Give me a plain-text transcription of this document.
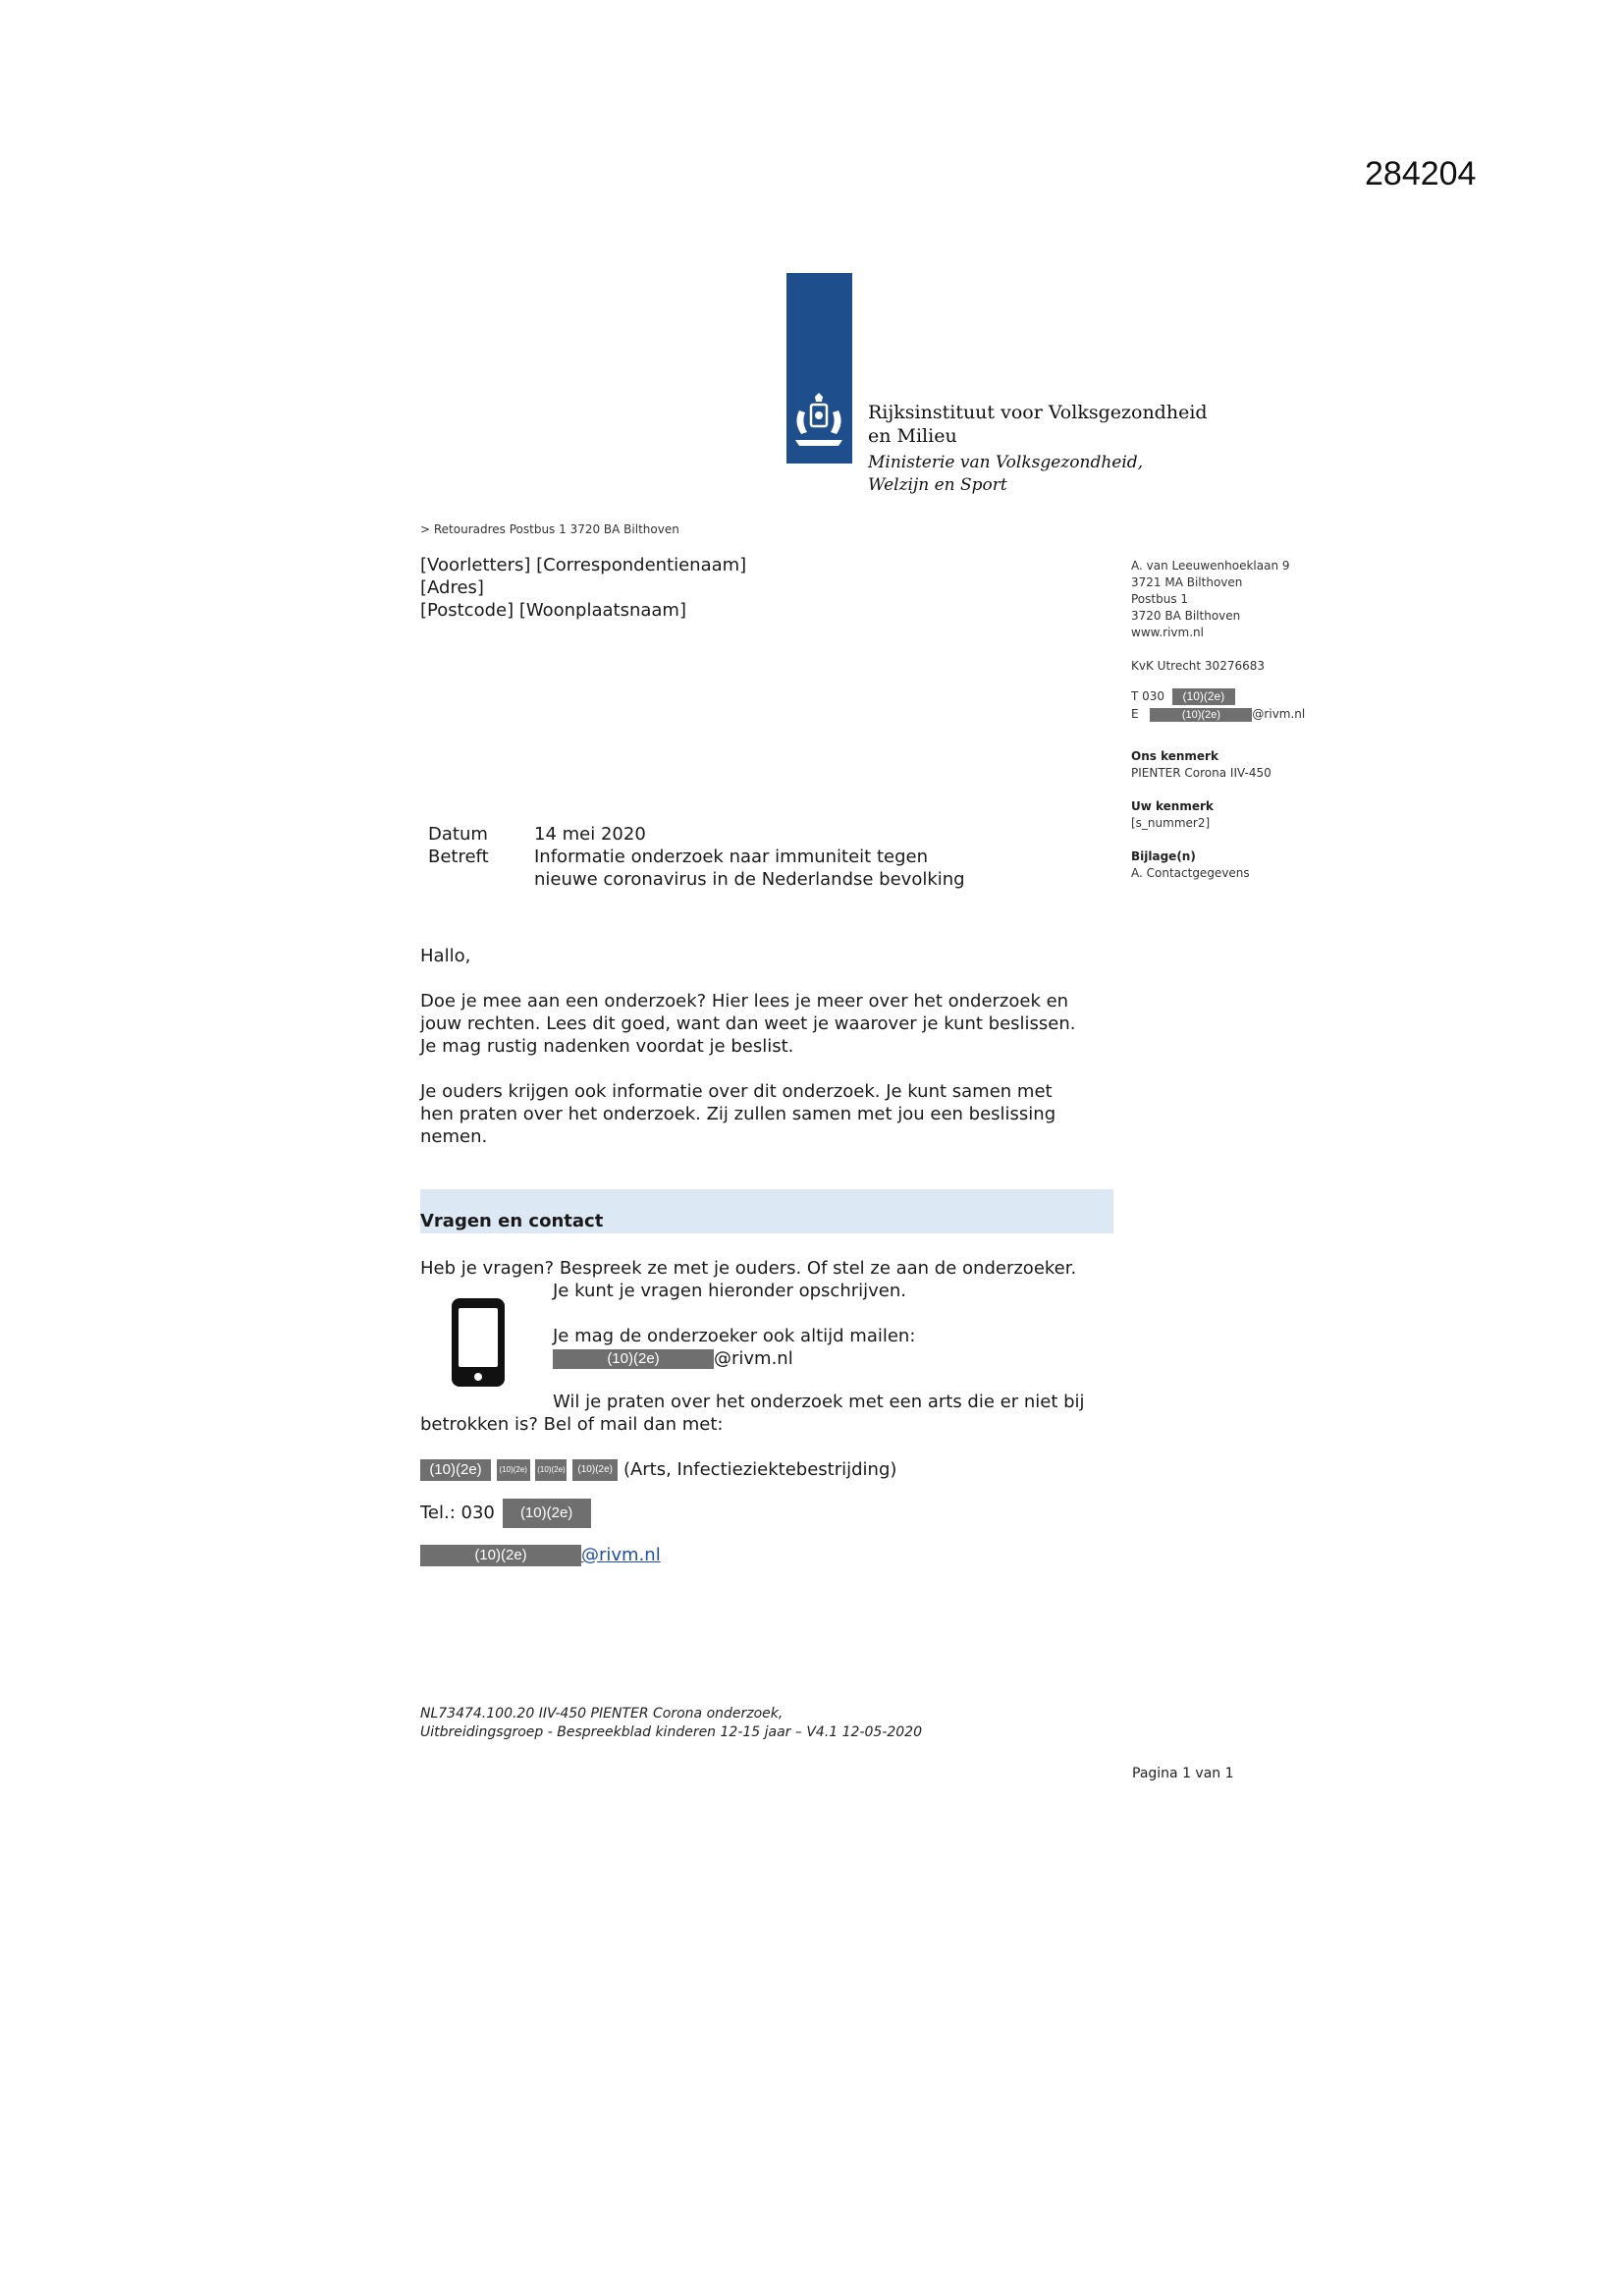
284204
Rijksinstituut voor Volksgezondheid
en Milieu
Ministerie van Volksgezondheid,
Welzijn en Sport
> Retouradres Postbus 1 3720 BA Bilthoven
[Voorletters] [Correspondentienaam]
[Adres]
[Postcode] [Woonplaatsnaam]
A. van Leeuwenhoeklaan 9
3721 MA Bilthoven
Postbus 1
3720 BA Bilthoven
www.rivm.nl
KvK Utrecht 30276683
T 030 (10)(2e)
E	(10)(2e)	@rivm.nl
Ons kenmerk
PIENTER Corona IIV-450
Uw kenmerk
[s_nummer2]
Bijlage(n)
A. Contactgegevens
Datum	14 mei 2020
Betreft	Informatie onderzoek naar immuniteit tegen
nieuwe coronavirus in de Nederlandse bevolking
Hallo,
Doe je mee aan een onderzoek? Hier lees je meer over het onderzoek en
jouw rechten. Lees dit goed, want dan weet je waarover je kunt beslissen.
Je mag rustig nadenken voordat je beslist.
Je ouders krijgen ook informatie over dit onderzoek. Je kunt samen met
hen praten over het onderzoek. Zij zullen samen met jou een beslissing
nemen.
Vragen en contact
Heb je vragen? Bespreek ze met je ouders. Of stel ze aan de onderzoeker.
Je kunt je vragen hieronder opschrijven.
Je mag de onderzoeker ook altijd mailen:
(10)(2e)	@rivm.nl
Wil je praten over het onderzoek met een arts die er niet bij
betrokken is? Bel of mail dan met:
(10)(2e) (10)(2e) (10)(2e) (10)(2e) (Arts, Infectieziektebestrijding)
Tel.: 030 (10)(2e)
(10)(2e)	@rivm.nl
NL73474.100.20 IIV-450 PIENTER Corona onderzoek,
Uitbreidingsgroep - Bespreekblad kinderen 12-15 jaar – V4.1 12-05-2020
Pagina 1 van 1
